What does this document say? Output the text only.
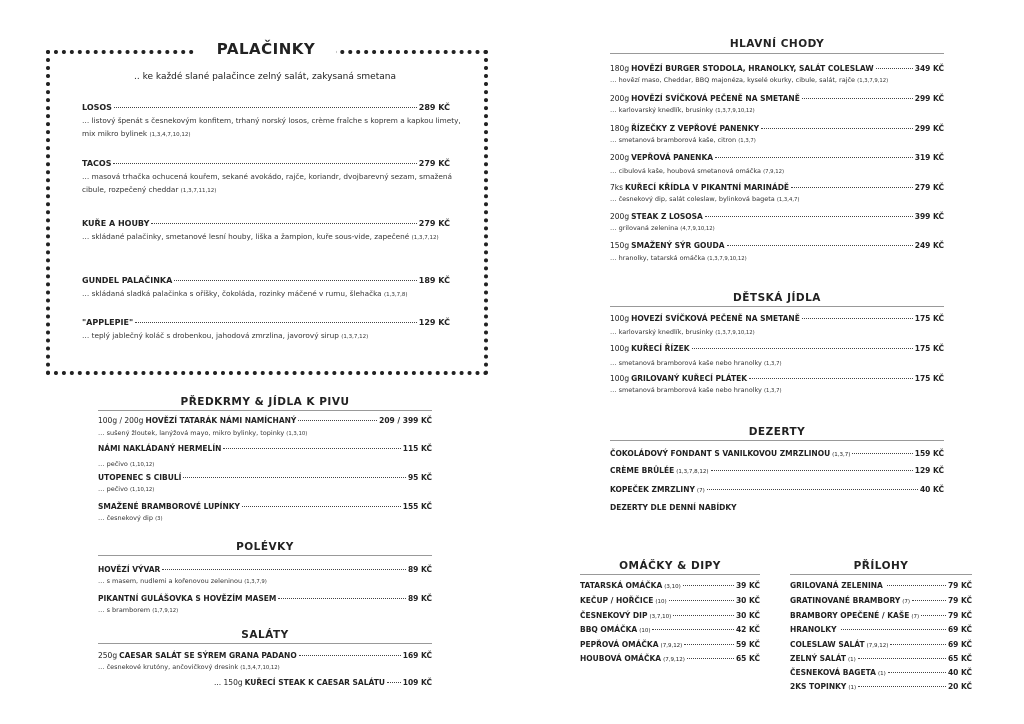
PALAČINKY
.. ke každé slané palačince zelný salát, zakysaná smetana
LOSOS	289 KČ
… listový špenát s česnekovým konfitem, trhaný norský losos, crème fraîche s koprem a kapkou limety, mix mikro bylinek (1,3,4,7,10,12)
TACOS	279 KČ
… masová trhačka ochucená kouřem, sekané avokádo, rajče, koriandr, dvojbarevný sezam, smažená cibule, rozpečený cheddar (1,3,7,11,12)
KUŘE A HOUBY	279 KČ
… skládané palačinky, smetanové lesní houby, liška a žampion, kuře sous-vide, zapečené (1,3,7,12)
GUNDEL PALAČINKA	189 KČ
… skládaná sladká palačinka s oříšky, čokoláda, rozinky máčené v rumu, šlehačka (1,3,7,8)
"APPLEPIE"	129 KČ
… teplý jablečný koláč s drobenkou, jahodová zmrzlina, javorový sirup (1,3,7,12)
PŘEDKRMY & JÍDLA K PIVU
100g / 200g HOVĚZÍ TATARÁK NÁMI NAMÍCHANÝ	209 / 399 KČ
… sušený žloutek, lanýžová mayo, mikro bylinky, topinky (1,3,10)
NÁMI NAKLÁDANÝ HERMELÍN	115 KČ
… pečivo (1,10,12)
UTOPENEC S CIBULÍ	95 KČ
… pečivo (1,10,12)
SMAŽENÉ BRAMBOROVÉ LUPÍNKY	155 KČ
… česnekový dip (3)
POLÉVKY
HOVĚZÍ VÝVAR	89 KČ
… s masem, nudlemi a kořenovou zeleninou (1,3,7,9)
PIKANTNÍ GULÁŠOVKA S HOVĚZÍM MASEM	89 KČ
… s bramborem (1,7,9,12)
SALÁTY
250g CAESAR SALÁT SE SÝREM GRANA PADANO	169 KČ
… česnekové krutóny, ančovičkový dresink (1,3,4,7,10,12)
... 150g KUŘECÍ STEAK K CAESAR SALÁTU 109 KČ
HLAVNÍ CHODY
180g HOVĚZÍ BURGER STODOLA, HRANOLKY, SALÁT COLESLAW	349 KČ
… hovězí maso, Cheddar, BBQ majonéza, kyselé okurky, cibule, salát, rajče (1,3,7,9,12)
200g HOVĚZÍ SVÍČKOVÁ PEČENĚ NA SMETANĚ	299 KČ
… karlovarský knedlík, brusinky (1,3,7,9,10,12)
180g ŘÍZEČKY Z VEPŘOVÉ PANENKY	299 KČ
… smetanová bramborová kaše, citron (1,3,7)
200g VEPŘOVÁ PANENKA	319 KČ
… cibulová kaše, houbová smetanová omáčka (7,9,12)
7ks KUŘECÍ KŘÍDLA V PIKANTNÍ MARINÁDĚ	279 KČ
… česnekový dip, salát coleslaw, bylinková bageta (1,3,4,7)
200g STEAK Z LOSOSA	399 KČ
… grilovaná zelenina (4,7,9,10,12)
150g SMAŽENÝ SÝR GOUDA	249 KČ
… hranolky, tatarská omáčka (1,3,7,9,10,12)
DĚTSKÁ JÍDLA
100g HOVEZÍ SVÍČKOVÁ PEČENĚ NA SMETANĚ	175 KČ
… karlovarský knedlík, brusinky (1,3,7,9,10,12)
100g KUŘECÍ ŘÍZEK	175 KČ
… smetanová bramborová kaše nebo hranolky (1,3,7)
100g GRILOVANÝ KUŘECÍ PLÁTEK	175 KČ
… smetanová bramborová kaše nebo hranolky (1,3,7)
DEZERTY
ČOKOLÁDOVÝ FONDANT S VANILKOVOU ZMRZLINOU (1,3,7)	159 KČ
CRÈME BRÛLÉE (1,3,7,8,12)	129 KČ
KOPEČEK ZMRZLINY (7)	40 KČ
DEZERTY DLE DENNÍ NABÍDKY
OMÁČKY & DIPY
TATARSKÁ OMÁČKA (3,10)	39 KČ
KEČUP / HOŘČICE (10)	30 KČ
ČESNEKOVÝ DIP (3,7,10)	30 KČ
BBQ OMÁČKA (10)	42 KČ
PEPŘOVÁ OMÁČKA (7,9,12)	59 KČ
HOUBOVÁ OMÁČKA (7,9,12)	65 KČ
PŘÍLOHY
GRILOVANÁ ZELENINA	79 KČ
GRATINOVANÉ BRAMBORY (7)	79 KČ
BRAMBORY OPEČENÉ / KAŠE (7)	79 KČ
HRANOLKY	69 KČ
COLESLAW SALÁT (7,9,12)	69 KČ
ZELNÝ SALÁT (1)	65 KČ
ČESNEKOVÁ BAGETA (1)	40 KČ
2KS TOPINKY (1)	20 KČ
